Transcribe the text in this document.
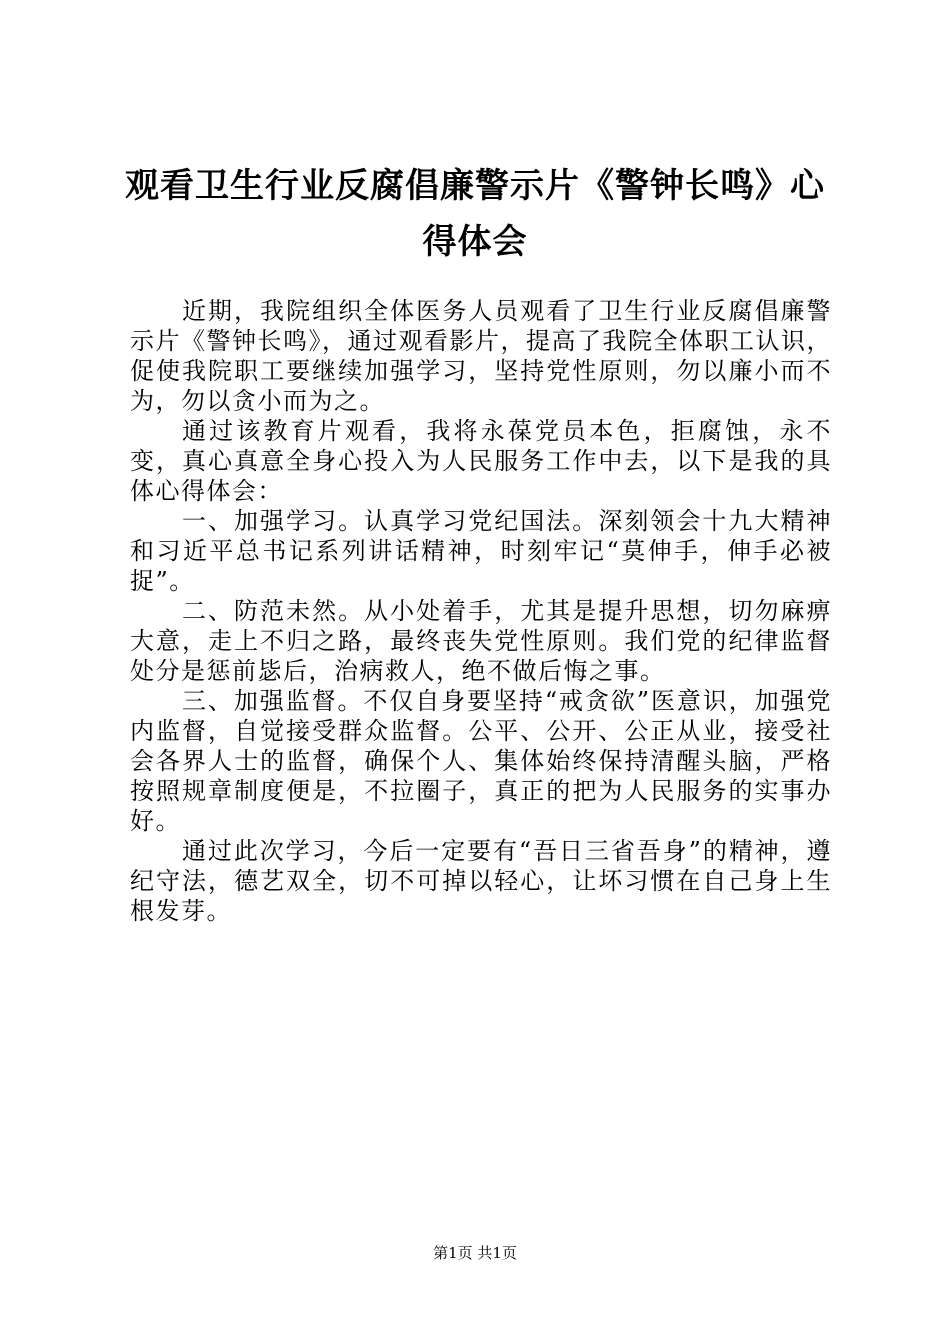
观看卫生行业反腐倡廉警示片《警钟长鸣》心得体会

近期，我院组织全体医务人员观看了卫生行业反腐倡廉警示片《警钟长鸣》，通过观看影片，提高了我院全体职工认识，促使我院职工要继续加强学习，坚持党性原则，勿以廉小而不为，勿以贪小而为之。

通过该教育片观看，我将永葆党员本色，拒腐蚀，永不变，真心真意全身心投入为人民服务工作中去，以下是我的具体心得体会：

一、加强学习。认真学习党纪国法。深刻领会十九大精神和习近平总书记系列讲话精神，时刻牢记“莫伸手，伸手必被捉”。

二、防范未然。从小处着手，尤其是提升思想，切勿麻痹大意，走上不归之路，最终丧失党性原则。我们党的纪律监督处分是惩前毖后，治病救人，绝不做后悔之事。

三、加强监督。不仅自身要坚持“戒贪欲”医意识，加强党内监督，自觉接受群众监督。公平、公开、公正从业，接受社会各界人士的监督，确保个人、集体始终保持清醒头脑，严格按照规章制度便是，不拉圈子，真正的把为人民服务的实事办好。

通过此次学习，今后一定要有“吾日三省吾身”的精神，遵纪守法，德艺双全，切不可掉以轻心，让坏习惯在自己身上生根发芽。

第1页 共1页
